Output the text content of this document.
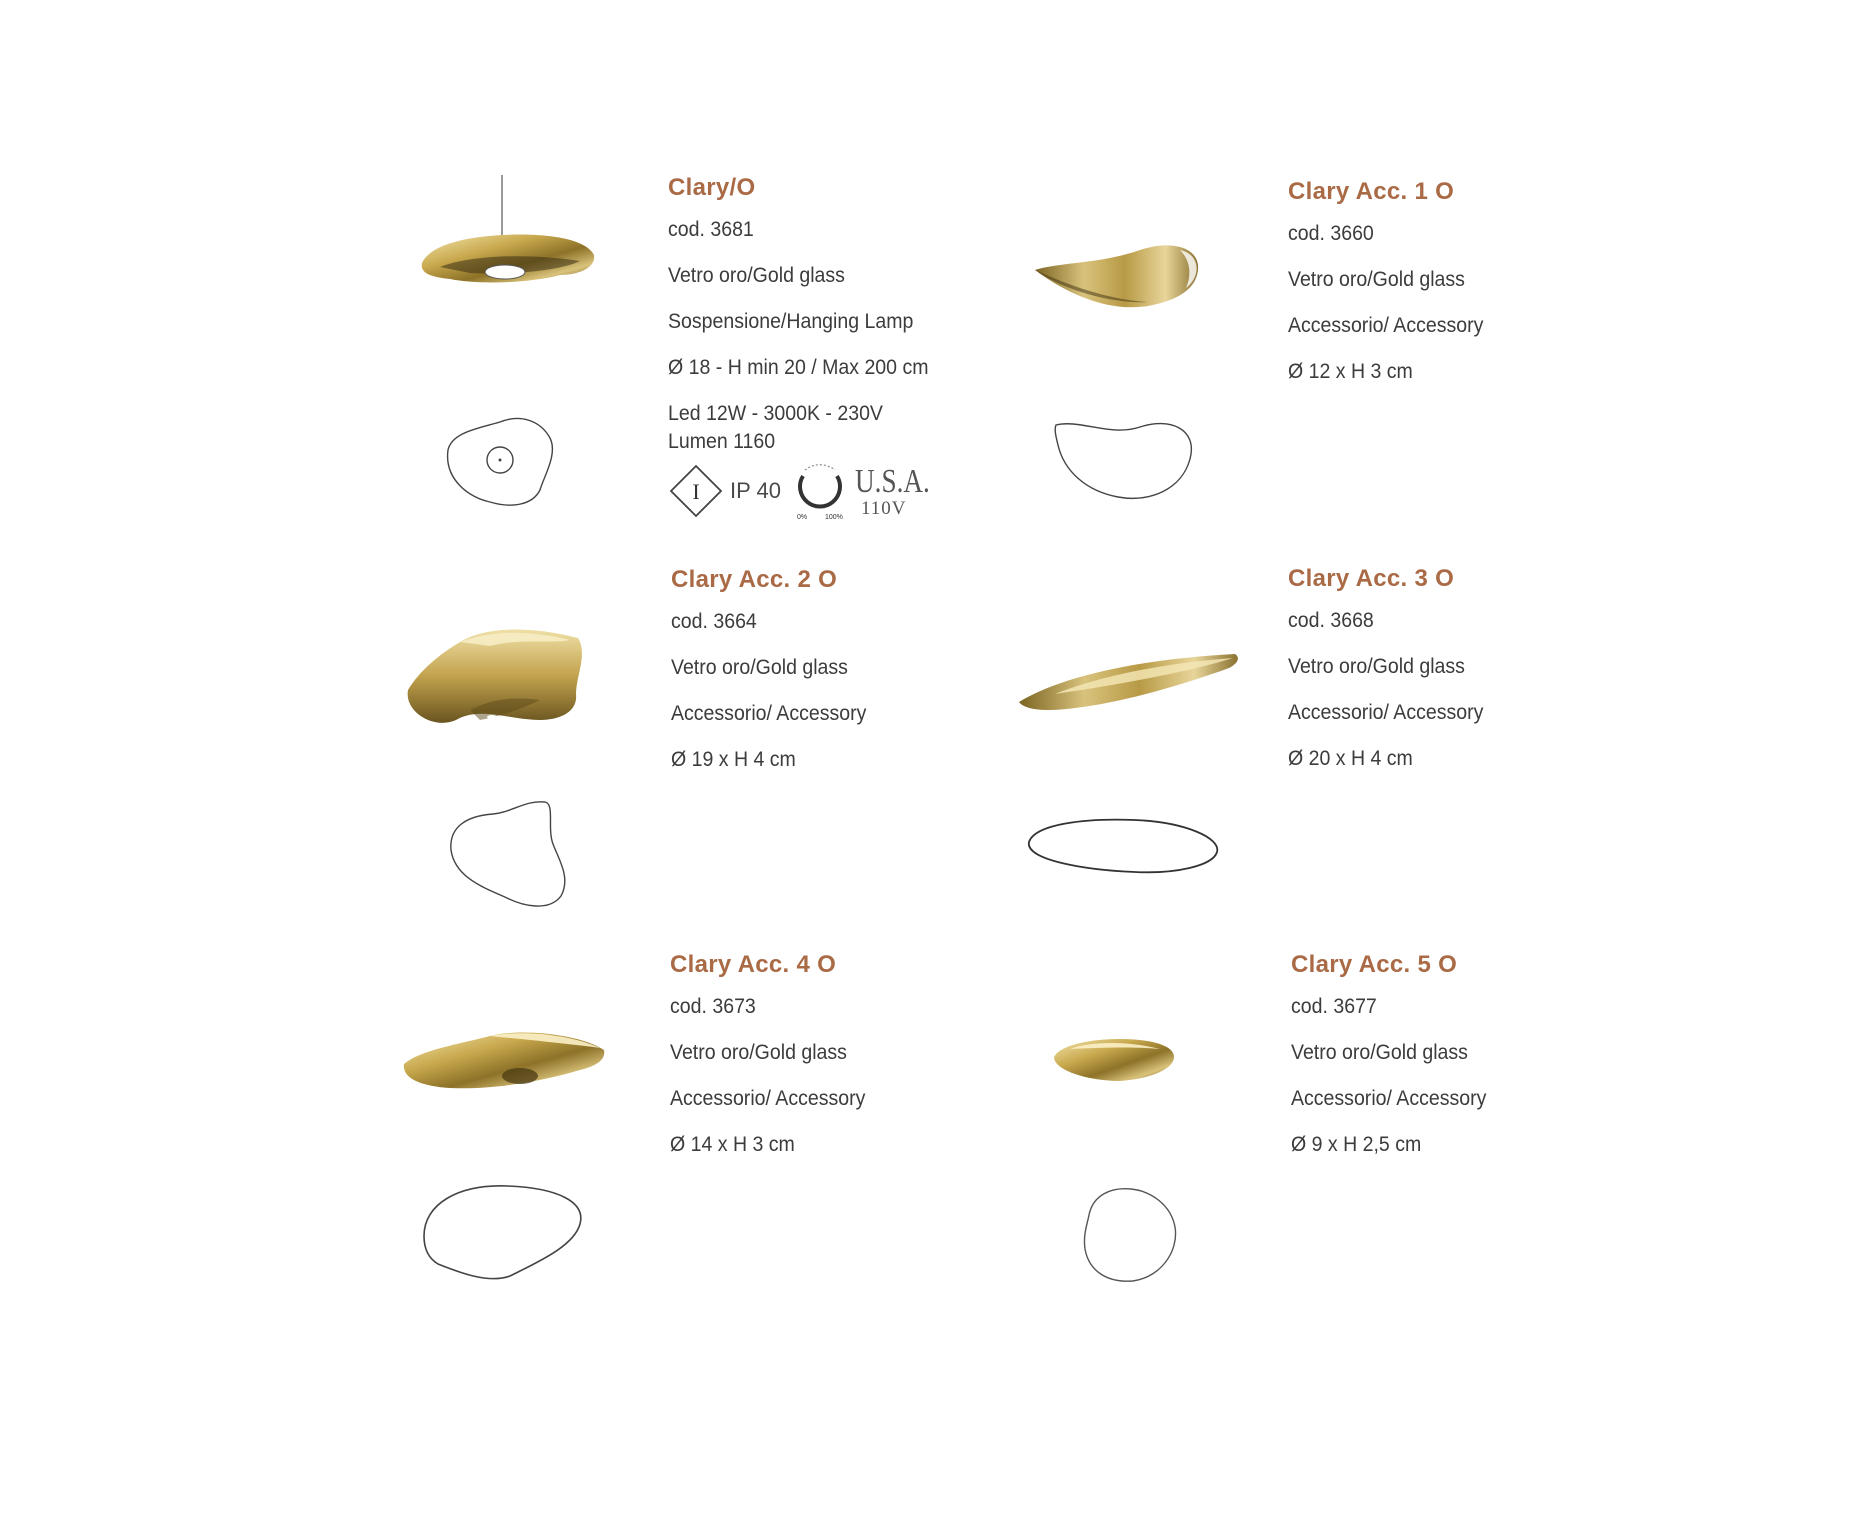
Clary/O
cod. 3681
Vetro oro/Gold glass
Sospensione/Hanging Lamp
Ø 18 - H min 20 / Max 200 cm
Led 12W - 3000K - 230V
Lumen 1160
I IP 40
0%	100%
U.S.A.
110V
Clary Acc. 1 O
cod. 3660
Vetro oro/Gold glass
Accessorio/ Accessory
Ø 12 x H 3 cm
Clary Acc. 2 O
cod. 3664
Vetro oro/Gold glass
Accessorio/ Accessory
Ø 19 x H 4 cm
Clary Acc. 3 O
cod. 3668
Vetro oro/Gold glass
Accessorio/ Accessory
Ø 20 x H 4 cm
Clary Acc. 4 O
cod. 3673
Vetro oro/Gold glass
Accessorio/ Accessory
Ø 14 x H 3 cm
Clary Acc. 5 O
cod. 3677
Vetro oro/Gold glass
Accessorio/ Accessory
Ø 9 x H 2,5 cm
